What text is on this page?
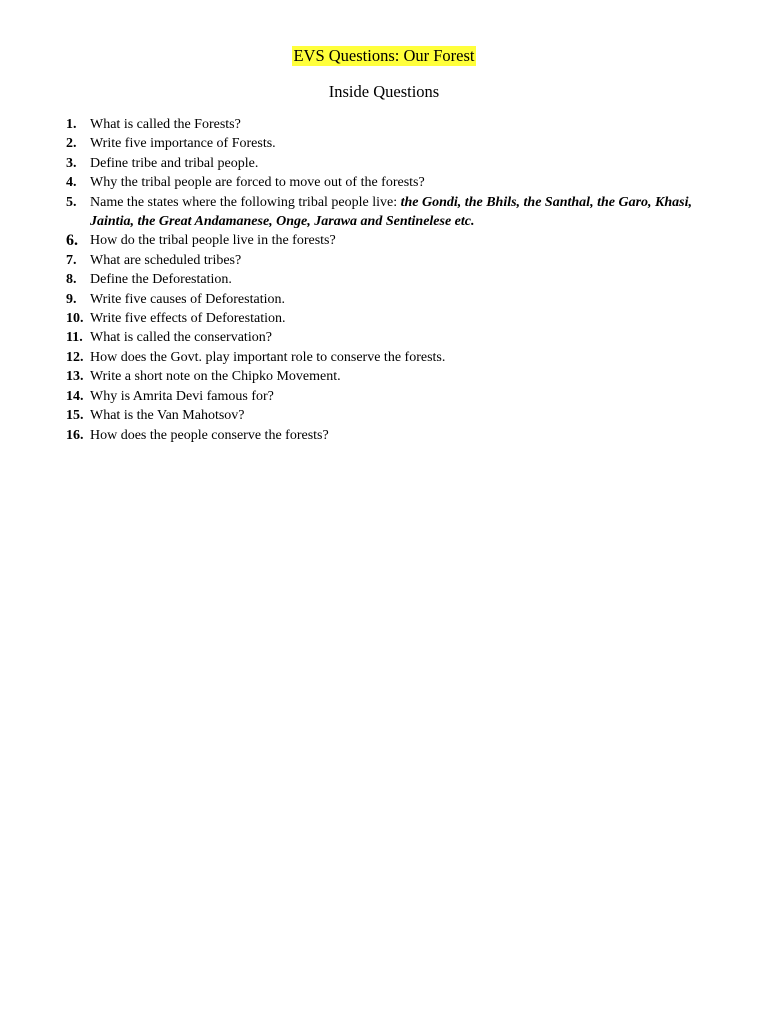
EVS Questions: Our Forest
Inside Questions
1. What is called the Forests?
2. Write five importance of Forests.
3. Define tribe and tribal people.
4. Why the tribal people are forced to move out of the forests?
5. Name the states where the following tribal people live: the Gondi, the Bhils, the Santhal, the Garo, Khasi, Jaintia, the Great Andamanese, Onge, Jarawa and Sentinelese etc.
6. How do the tribal people live in the forests?
7. What are scheduled tribes?
8. Define the Deforestation.
9. Write five causes of Deforestation.
10. Write five effects of Deforestation.
11. What is called the conservation?
12. How does the Govt. play important role to conserve the forests.
13. Write a short note on the Chipko Movement.
14. Why is Amrita Devi famous for?
15. What is the Van Mahotsov?
16. How does the people conserve the forests?
